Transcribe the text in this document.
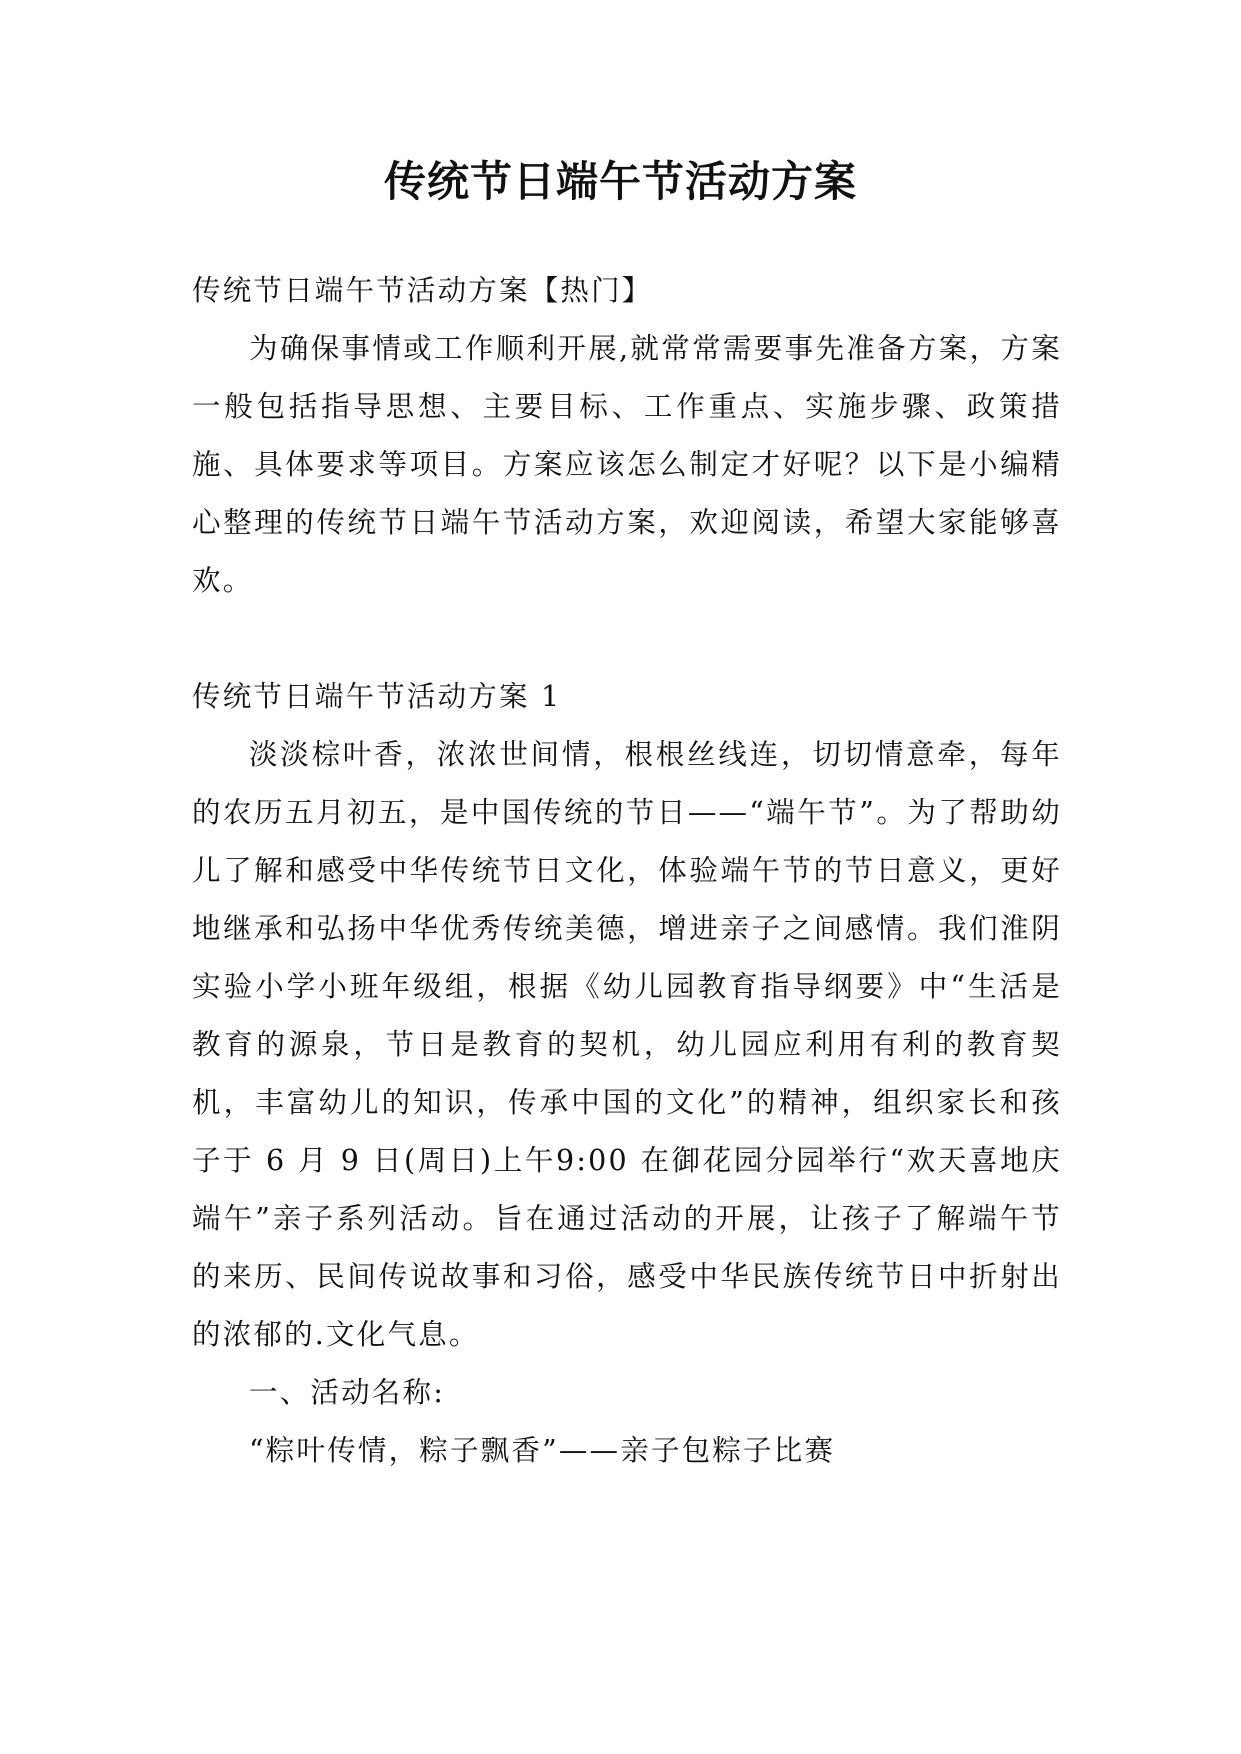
传统节日端午节活动方案

传统节日端午节活动方案【热门】

为确保事情或工作顺利开展,就常常需要事先准备方案，方案一般包括指导思想、主要目标、工作重点、实施步骤、政策措施、具体要求等项目。方案应该怎么制定才好呢？以下是小编精心整理的传统节日端午节活动方案，欢迎阅读，希望大家能够喜欢。

传统节日端午节活动方案 1

淡淡棕叶香，浓浓世间情，根根丝线连，切切情意牵，每年的农历五月初五，是中国传统的节日——“端午节”。为了帮助幼儿了解和感受中华传统节日文化，体验端午节的节日意义，更好地继承和弘扬中华优秀传统美德，增进亲子之间感情。我们淮阴实验小学小班年级组，根据《幼儿园教育指导纲要》中“生活是教育的源泉，节日是教育的契机，幼儿园应利用有利的教育契机，丰富幼儿的知识，传承中国的文化”的精神，组织家长和孩子于 6 月 9 日(周日)上午9:00 在御花园分园举行“欢天喜地庆端午”亲子系列活动。旨在通过活动的开展，让孩子了解端午节的来历、民间传说故事和习俗，感受中华民族传统节日中折射出的浓郁的.文化气息。

一、活动名称:

“粽叶传情，粽子飘香”——亲子包粽子比赛
